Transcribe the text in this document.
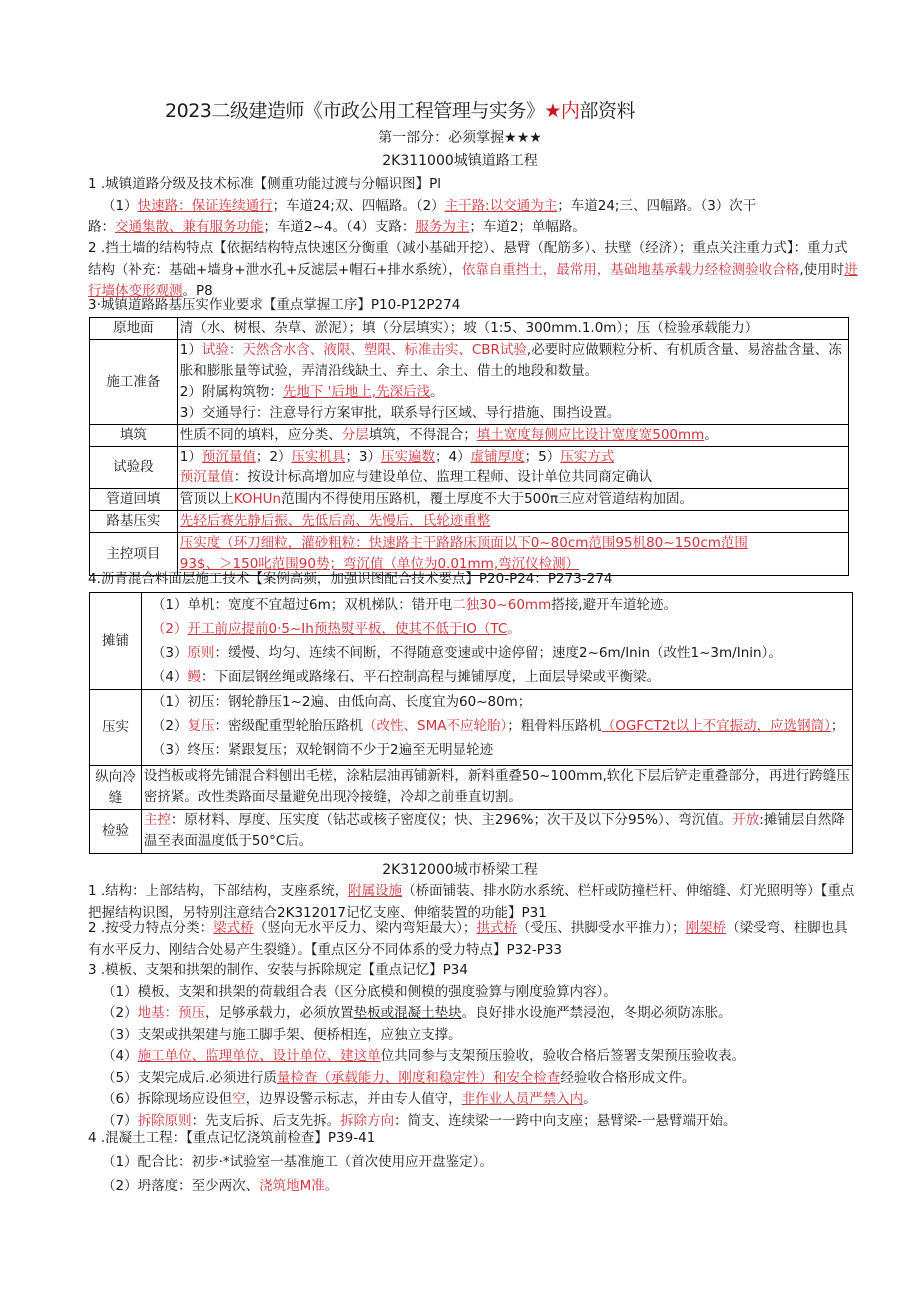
2023二级建造师《市政公用工程管理与实务》★内部资料
第一部分：必须掌握★★★
2K311000城镇道路工程
1 .城镇道路分级及技术标准【侧重功能过渡与分幅识图】Pl
（1）快速路：保证连续通行；车道24;双、四幅路。（2）主干路:以交通为主；车道24;三、四幅路。（3）次干
路：交通集散、兼有服务功能；车道2~4。（4）支路：服务为主；车道2；单幅路。
2 .挡土墙的结构特点【依据结构特点快速区分衡重（减小基础开挖）、悬臂（配筋多）、扶壁（经济）；重点关注重力式】：重力式结构（补充：基础+墙身+泄水孔+反滤层+帽石+排水系统），依靠自重挡土，最常用，基础地基承载力经检测验收合格,使用时进行墙体变形观测。P8
3·城镇道路路基压实作业要求【重点掌握工序】P10-P12P274
原地面	清（水、树根、杂草、淤泥）；填（分层填实）；坡（1:5、300mm.1.0m）；压（检验承载能力）

施工准备	1）试验：天然含水含、液限、塑限、标准击实、CBR试验,必要时应做颗粒分析、有机质含量、易溶盐含量、冻胀和膨胀量等试验，弄清沿线缺土、弃土、余土、借土的地段和数量。
2）附属构筑物：先地下 '后地上,先深后浅。
3）交通导行：注意导行方案审批，联系导行区域、导行措施、围挡设置。
填筑	性质不同的填料，应分类、分层填筑，不得混合；填土宽度每侧应比设计宽度宽500mm。

试验段	1）预沉量值；2）压实机具；3）压实遍数；4）虚铺厚度；5）压实方式
预沉量值：按设计标高增加应与建设单位、监理工程师、设计单位共同商定确认

管道回填	管顶以上KOHUn范围内不得使用压路机，覆土厚度不大于500π三应对管道结构加固。

路基压实	先轻后赛先静后振、先低后高、先慢后，氏轮迹重整

主控项目	压实度（环刀细粒，灌砂粗粒：快速路主干路路床顶面以下0~80cm范围95机80~150cm范围
93$、＞150叱范围90势；弯沉值（单位为0.01mm,弯沉仪检测）
4.沥青混合料面层施工技术【案例高频，加强识图配合技术要点】P20-P24：P273-274
摊铺	（1）单机：宽度不宜超过6m；双机梯队：错开电二独30~60mm搭接,避开车道轮迹。
（2）开工前应提前0·5~Ih预热熨平板，使其不低于IO（TC。
（3）原则：缓慢、均匀、连续不间断，不得随意变速或中途停留；速度2~6m∕Inin（改性1~3m∕Inin）。
（4）鳗：下面层钢丝绳或路缘石、平石控制高程与摊铺厚度，上面层导梁或平衡梁。

压实	（1）初压：钢轮静压1~2遍、由低向高、长度宜为60~80m；
（2）复压：密级配重型轮胎压路机（改性、SMA不应轮胎）；粗骨料压路机（OGFCT2t以上不宜振动，应选钢筒）；
（3）终压：紧跟复压；双轮钢筒不少于2遍至无明显轮迹

纵向冷
缝	设挡板或将先铺混合料刨出毛槎，涂粘层油再铺新料，新料重叠50~100mm,软化下层后铲走重叠部分，再进行跨缝压密挤紧。改性类路面尽量避免出现冷接缝，冷却之前垂直切割。
检验	主控：原材料、厚度、压实度（钻芯或核子密度仪；快、主296%；次干及以下分95%）、弯沉值。开放:摊铺层自然降温至表面温度低于50°C后。
2K312000城市桥梁工程
1 .结构：上部结构，下部结构，支座系统，附属设施（桥面铺装、排水防水系统、栏杆或防撞栏杆、伸缩缝、灯光照明等）【重点把握结构识图，另特别注意结合2K312017记忆支座、伸缩装置的功能】P31
2 .按受力特点分类：梁式桥（竖向无水平反力、梁内弯矩最大）；拱式桥（受压、拱脚受水平推力）；刚架桥（梁受弯、柱脚也具有水平反力、刚结合处易产生裂缝）。【重点区分不同体系的受力特点】P32-P33
3 .模板、支架和拱架的制作、安装与拆除规定【重点记忆】P34
（1）模板、支架和拱架的荷载组合表（区分底模和侧模的强度验算与刚度验算内容）。
（2）地基：预压，足够承载力，必须放置垫板或混凝土垫块。良好排水设施严禁浸泡，冬期必须防冻胀。
（3）支架或拱架建与施工脚手架、便桥相连，应独立支撑。
（4）施工单位、监理单位、设计单位、建这单位共同参与支架预压验收，验收合格后签署支架预压验收表。
（5）支架完成后.必须进行质量检查（承载能力、刚度和稳定性）和安全检查经验收合格形成文件。
（6）拆除现场应设但空，边界设警示标志，并由专人值守，非作业人员严禁入内。
（7）拆除原则：先支后拆、后支先拆。拆除方向：简支、连续梁一一跨中向支座；悬臂梁-一悬臂端开始。
4 .混凝土工程：【重点记忆浇筑前检查】P39-41
（1）配合比：初步·*试验室一基准施工（首次使用应开盘鉴定）。
（2）坍落度：至少两次、浇筑地M准。
